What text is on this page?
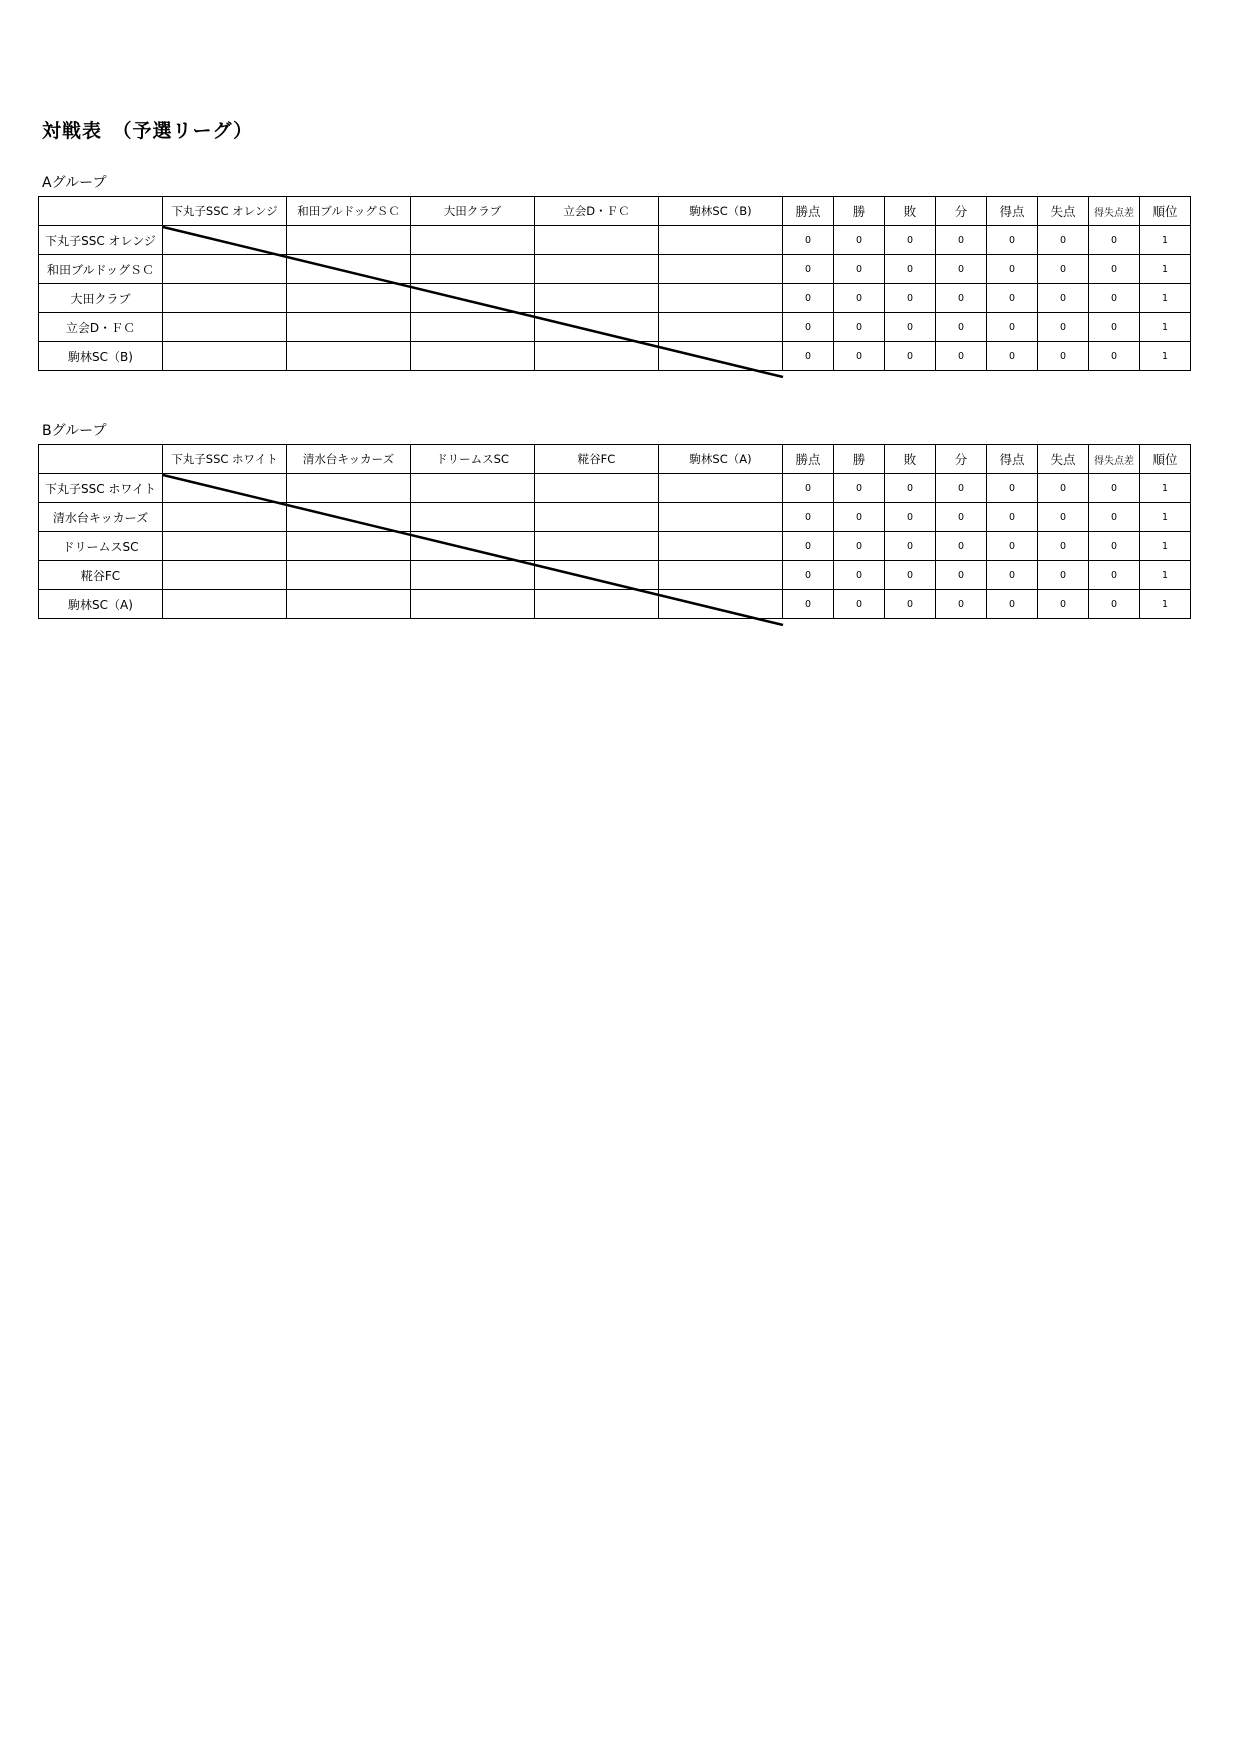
対戦表　（予選リーグ）
Aグループ
	下丸子SSC オレンジ	和田ブルドッグＳＣ	大田クラブ	立会D・ＦＣ	駒林SC（B)	勝点	勝	敗	分	得点	失点	得失点差	順位
下丸子SSC オレンジ						0	0	0	0	0	0	0	1
和田ブルドッグＳＣ						0	0	0	0	0	0	0	1
大田クラブ						0	0	0	0	0	0	0	1
立会D・ＦＣ						0	0	0	0	0	0	0	1
駒林SC（B)						0	0	0	0	0	0	0	1
Bグループ
	下丸子SSC ホワイト	清水台キッカーズ	ドリームスSC	糀谷FC	駒林SC（A)	勝点	勝	敗	分	得点	失点	得失点差	順位
下丸子SSC ホワイト						0	0	0	0	0	0	0	1
清水台キッカーズ						0	0	0	0	0	0	0	1
ドリームスSC						0	0	0	0	0	0	0	1
糀谷FC						0	0	0	0	0	0	0	1
駒林SC（A)						0	0	0	0	0	0	0	1
